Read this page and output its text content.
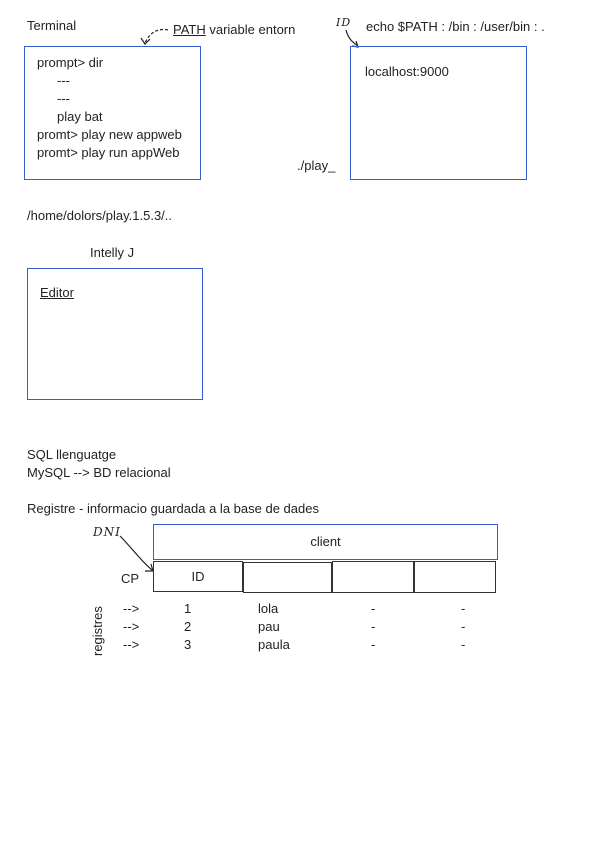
Terminal	PATH variable entorn
prompt> dir
---
---
play bat
promt> play new appweb
promt> play run appWeb
ID echo $PATH : /bin : /user/bin : .
./play_
localhost:9000
/home/dolors/play.1.5.3/..
Intelly J
Editor
SQL llenguatge
MySQL --> BD relacional
Registre - informacio guardada a la base de dades
DNI
client
CP	ID
registres -->	1	lola	-	-
-->	2	pau	-	-
-->	3	paula	-	-
